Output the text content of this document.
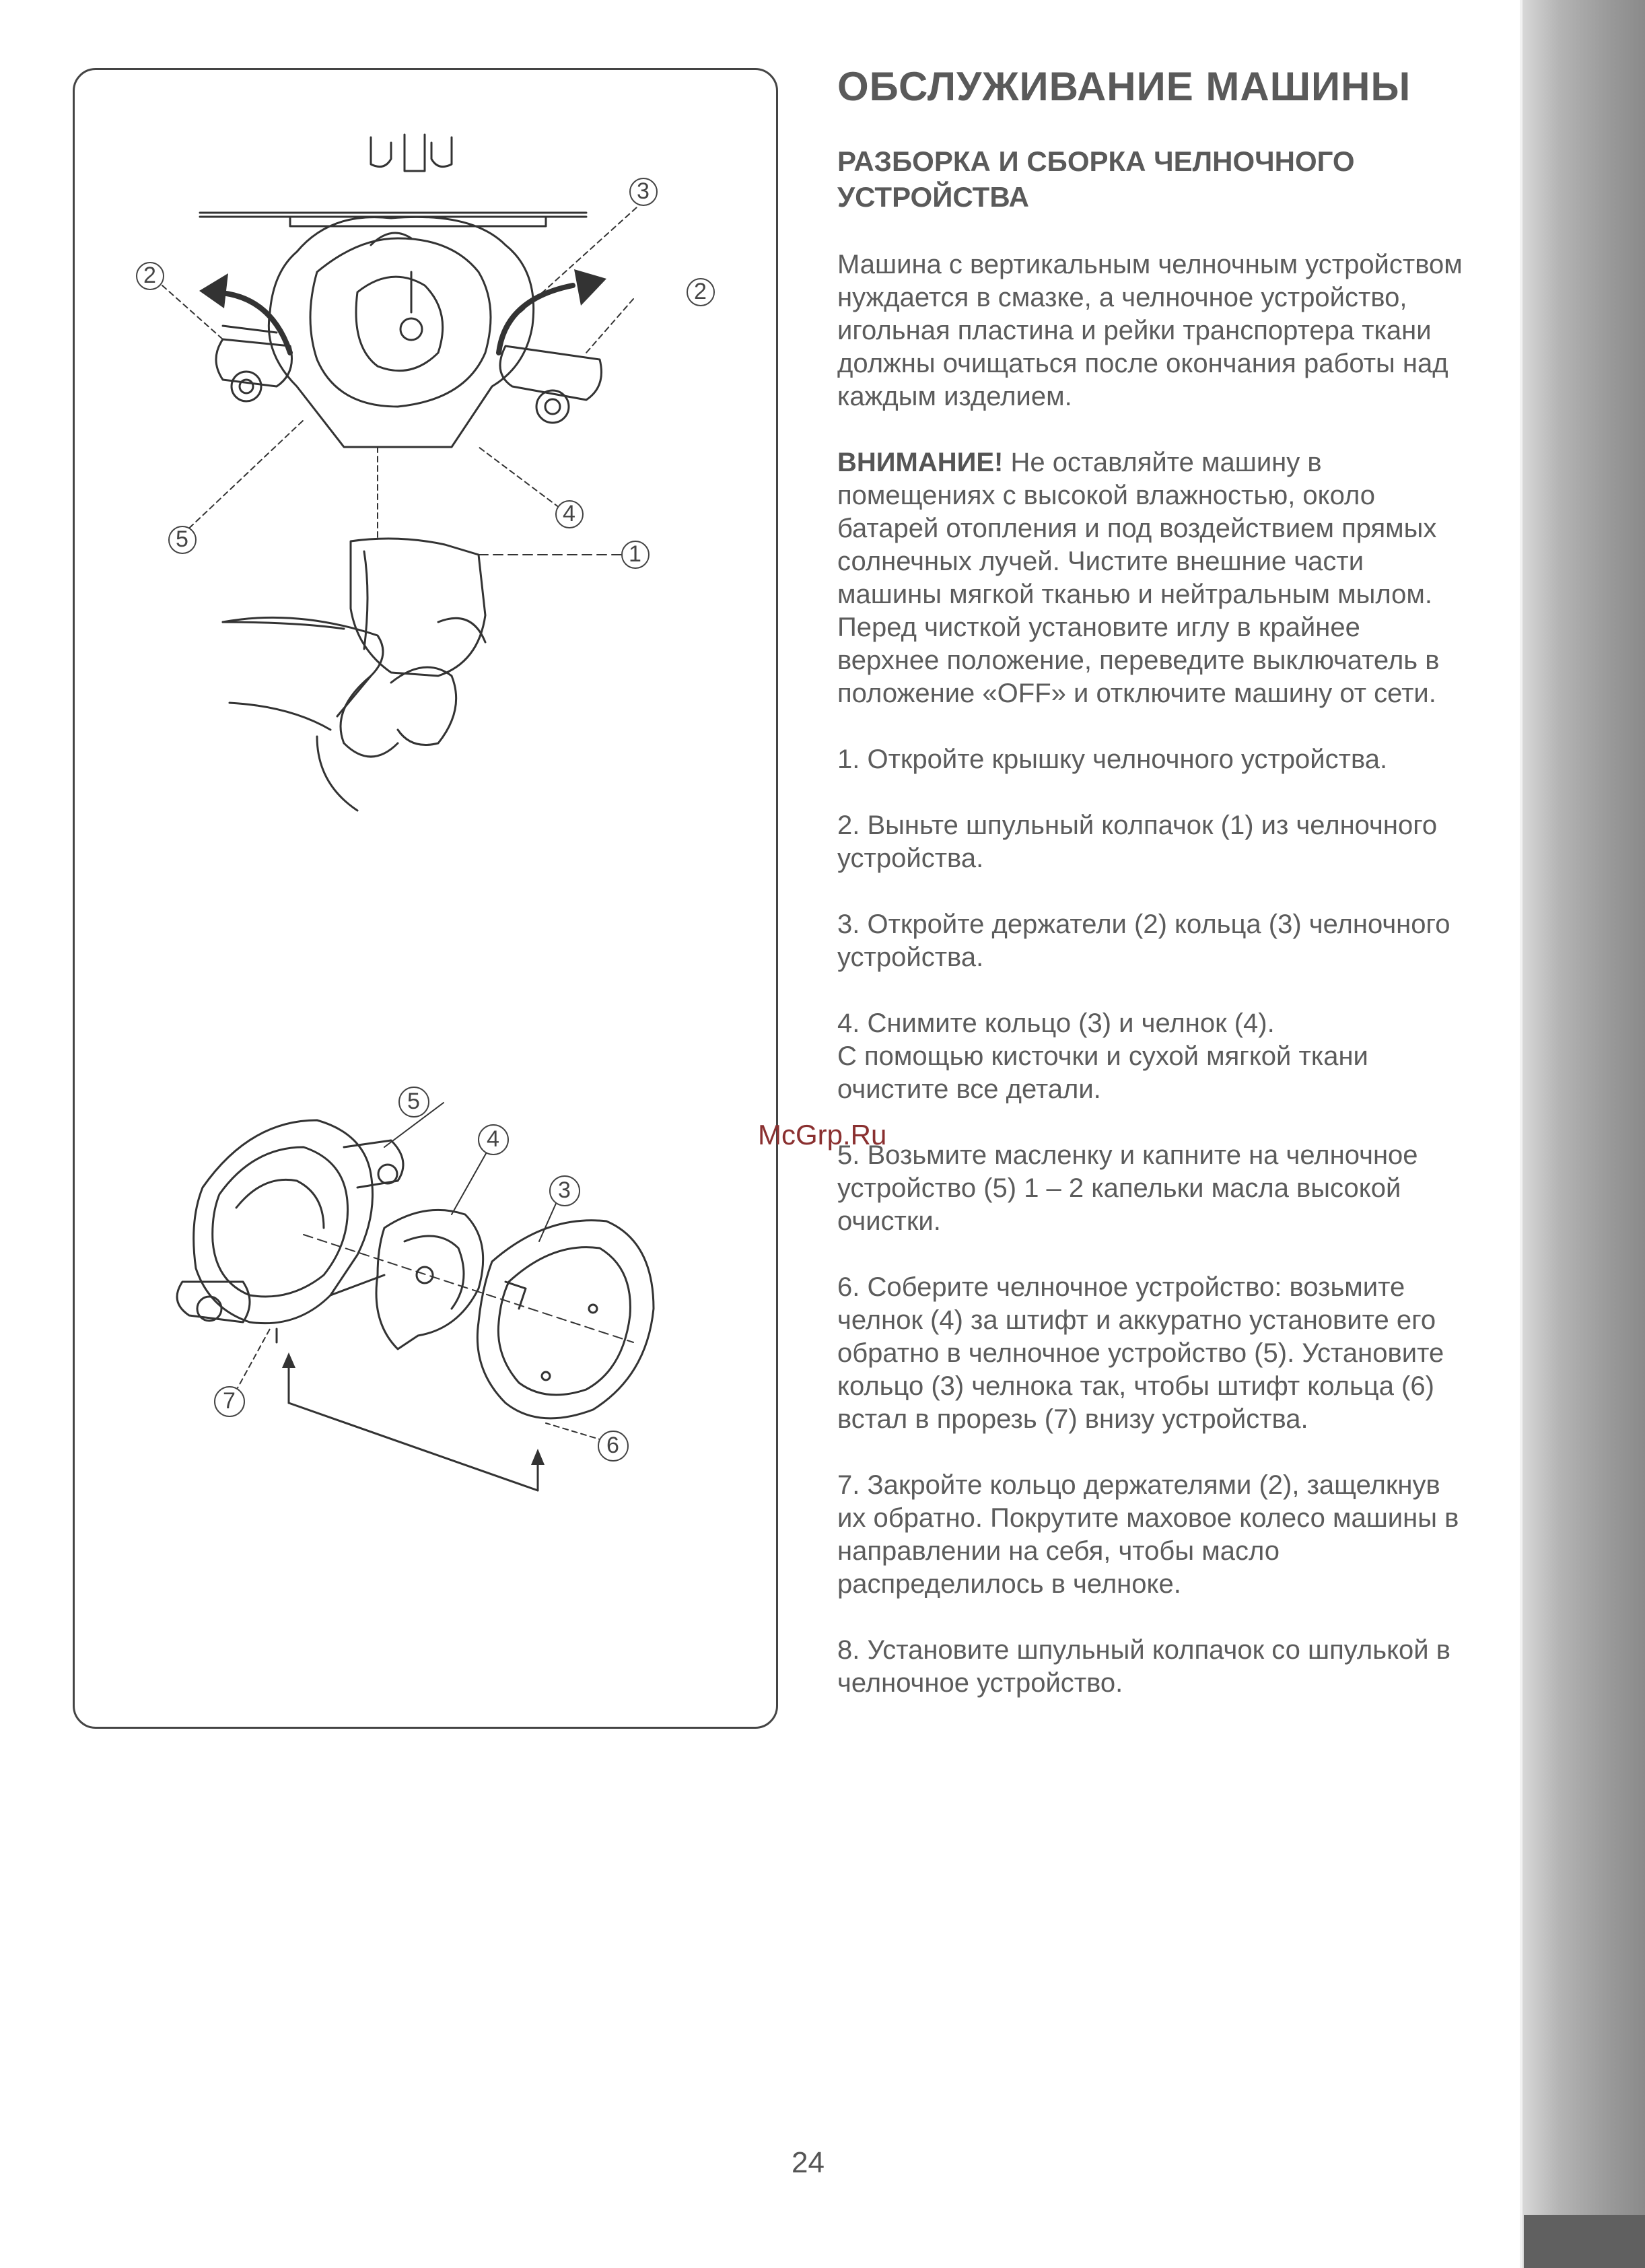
2
3
2
4
5
1
5
4
3
7
6
ОБСЛУЖИВАНИЕ МАШИНЫ
РАЗБОРКА И СБОРКА ЧЕЛНОЧНОГО УСТРОЙСТВА

Машина с вертикальным челночным устройством
нуждается в смазке, а челночное устройство,
игольная пластина и рейки транспортера ткани
должны очищаться после окончания работы над
каждым изделием.

ВНИМАНИЕ! Не оставляйте машину в
помещениях с высокой влажностью, около
батарей отопления и под воздействием прямых
солнечных лучей. Чистите внешние части
машины мягкой тканью и нейтральным мылом.
Перед чисткой установите иглу в крайнее
верхнее положение, переведите выключатель в
положение «OFF» и отключите машину от сети.

1. Откройте крышку челночного устройства.

2. Выньте шпульный колпачок (1) из челночного
устройства.

3. Откройте держатели (2) кольца (3) челночного
устройства.

4. Снимите кольцо (3) и челнок (4).
С помощью кисточки и сухой мягкой ткани
очистите все детали.

5. Возьмите масленку и капните на челночное
устройство (5) 1 – 2 капельки масла высокой
очистки.

6. Соберите челночное устройство: возьмите
челнок (4) за штифт и аккуратно установите его
обратно в челночное устройство (5). Установите
кольцо (3) челнока так, чтобы штифт кольца (6)
встал в прорезь (7) внизу устройства.

7. Закройте кольцо держателями (2), защелкнув
их обратно. Покрутите маховое колесо машины в
направлении на себя, чтобы масло
распределилось в челноке.

8. Установите шпульный колпачок со шпулькой в
челночное устройство.

McGrp.Ru
24
